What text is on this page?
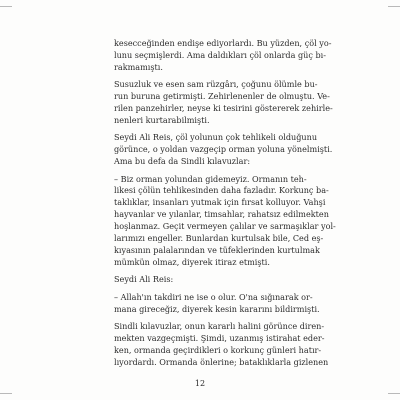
kesecceğinden endişe ediyorlardı. Bu yüzden, çöl yo-
lunu seçmişlerdi. Ama daldıkları çöl onlarda güç bı-
rakmamıştı.

Susuzluk ve esen sam rüzgârı, çoğunu ölümle bu-
run buruna getirmişti. Zehirlenenler de olmuştu. Ve-
rilen panzehirler, neyse ki tesirini göstererek zehirle-
nenleri kurtarabilmişti.

Seydi Ali Reis, çöl yolunun çok tehlikeli olduğunu
görünce, o yoldan vazgeçip orman yoluna yönelmişti.
Ama bu defa da Sindli kılavuzlar:

– Biz orman yolundan gidemeyiz. Ormanın teh-
likesi çölün tehlikesinden daha fazladır. Korkunç ba-
taklıklar, insanları yutmak için fırsat kolluyor. Vahşi
hayvanlar ve yılanlar, timsahlar, rahatsız edilmekten
hoşlanmaz. Geçit vermeyen çalılar ve sarmaşıklar yol-
larımızı engeller. Bunlardan kurtulsak bile, Ced eş-
kıyasının palalarından ve tüfeklerinden kurtulmak
mümkün olmaz, diyerek itiraz etmişti.

Seydi Ali Reis:

– Allah'ın takdiri ne ise o olur. O'na sığınarak or-
mana gireceğiz, diyerek kesin kararını bildirmişti.

Sindli kılavuzlar, onun kararlı halini görünce diren-
mekten vazgeçmişti. Şimdi, uzanmış istirahat eder-
ken, ormanda geçirdikleri o korkunç günleri hatır-
lıyordardı. Ormanda önlerine; bataklıklarla gizlenen

12
